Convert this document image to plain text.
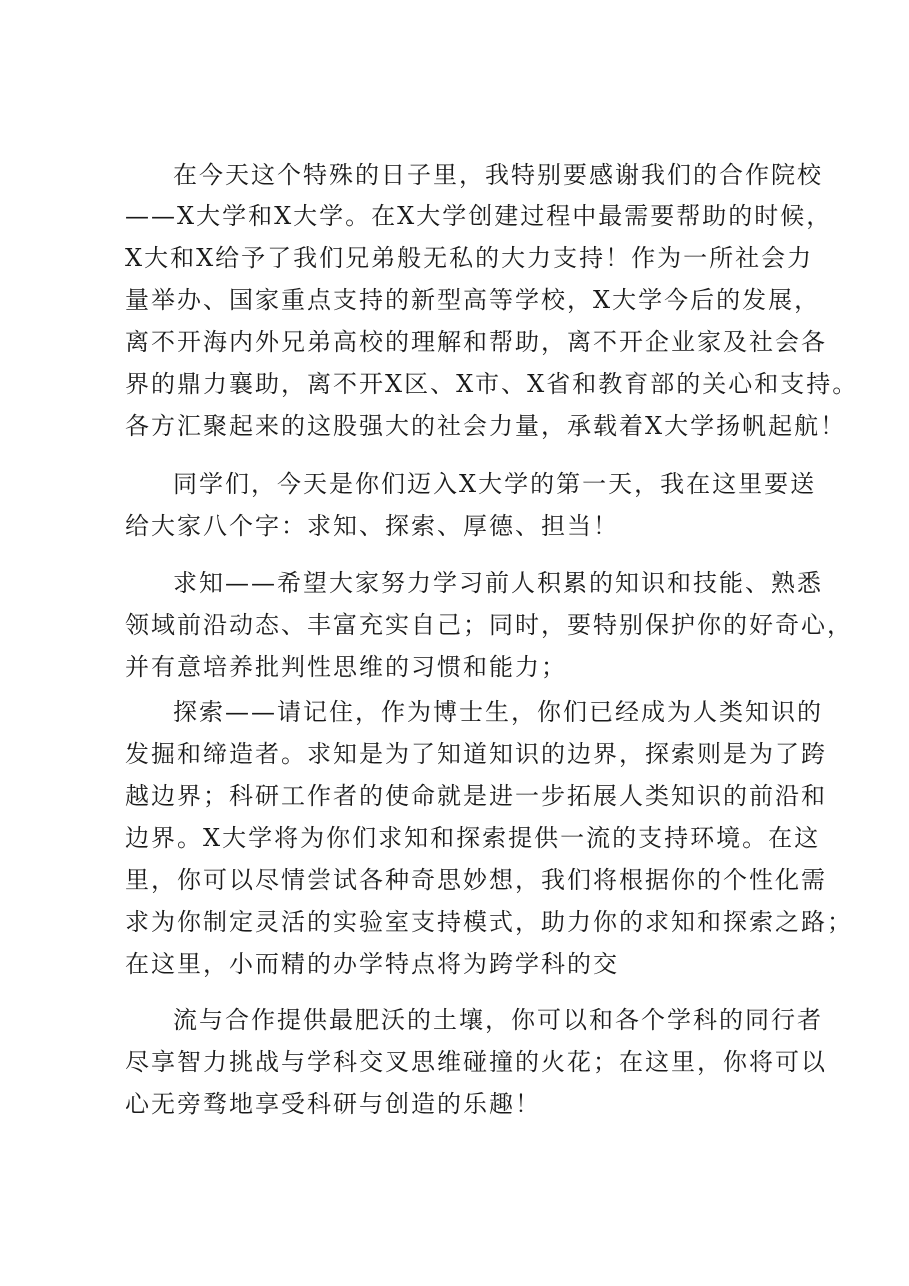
在今天这个特殊的日子里，我特别要感谢我们的合作院校
——X大学和X大学。在X大学创建过程中最需要帮助的时候，
X大和X给予了我们兄弟般无私的大力支持！作为一所社会力
量举办、国家重点支持的新型高等学校，X大学今后的发展，
离不开海内外兄弟高校的理解和帮助，离不开企业家及社会各
界的鼎力襄助，离不开X区、X市、X省和教育部的关心和支持。
各方汇聚起来的这股强大的社会力量，承载着X大学扬帆起航！
同学们，今天是你们迈入X大学的第一天，我在这里要送
给大家八个字：求知、探索、厚德、担当！
求知——希望大家努力学习前人积累的知识和技能、熟悉
领域前沿动态、丰富充实自己；同时，要特别保护你的好奇心，
并有意培养批判性思维的习惯和能力；
探索——请记住，作为博士生，你们已经成为人类知识的
发掘和缔造者。求知是为了知道知识的边界，探索则是为了跨
越边界；科研工作者的使命就是进一步拓展人类知识的前沿和
边界。X大学将为你们求知和探索提供一流的支持环境。在这
里，你可以尽情尝试各种奇思妙想，我们将根据你的个性化需
求为你制定灵活的实验室支持模式，助力你的求知和探索之路；
在这里，小而精的办学特点将为跨学科的交
流与合作提供最肥沃的土壤，你可以和各个学科的同行者
尽享智力挑战与学科交叉思维碰撞的火花；在这里，你将可以
心无旁骛地享受科研与创造的乐趣！
